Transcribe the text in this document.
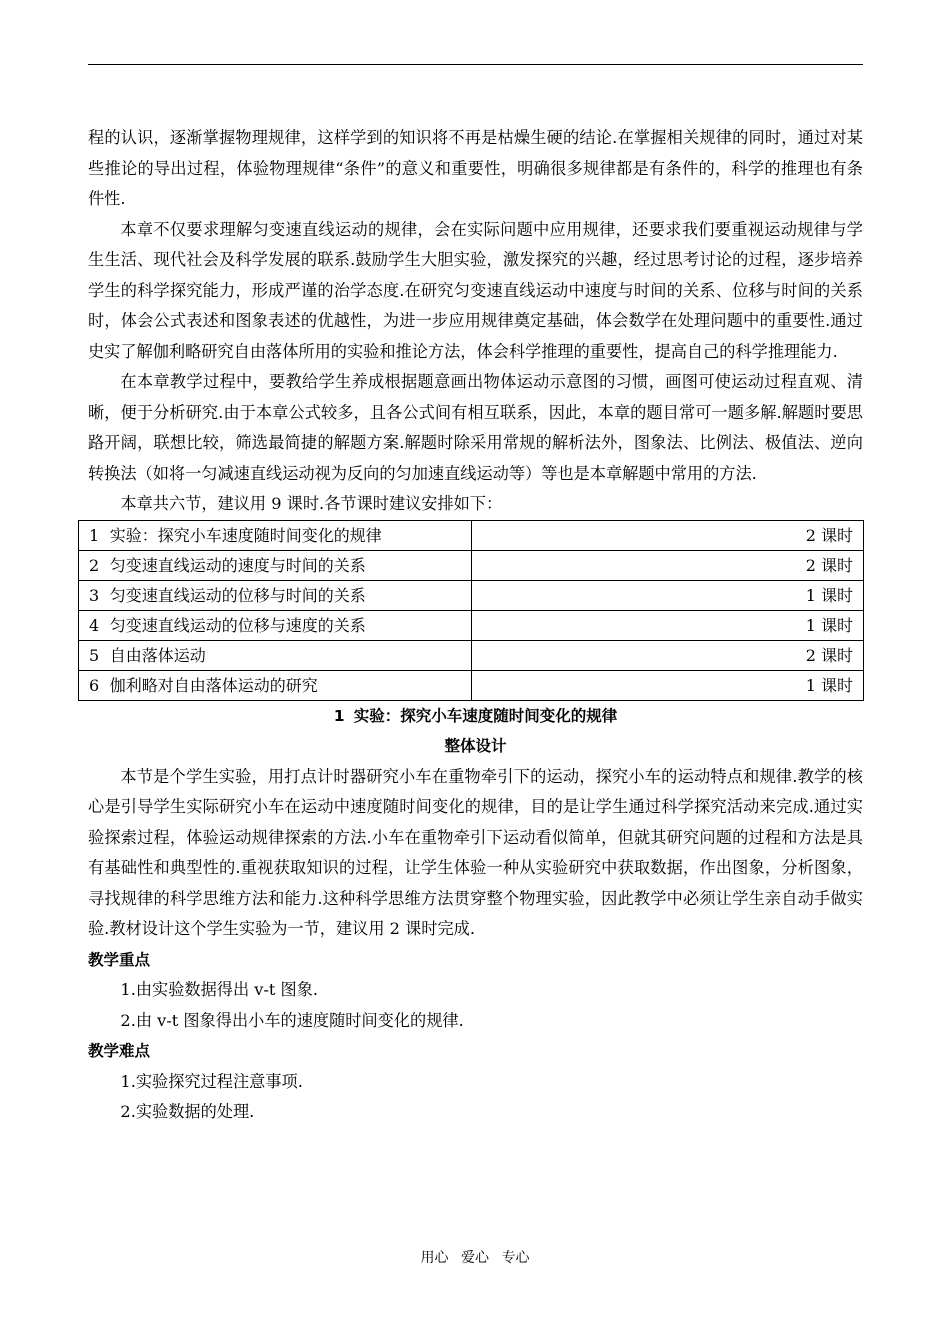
程的认识，逐渐掌握物理规律，这样学到的知识将不再是枯燥生硬的结论.在掌握相关规律的同时，通过对某些推论的导出过程，体验物理规律“条件”的意义和重要性，明确很多规律都是有条件的，科学的推理也有条件性.

本章不仅要求理解匀变速直线运动的规律，会在实际问题中应用规律，还要求我们要重视运动规律与学生生活、现代社会及科学发展的联系.鼓励学生大胆实验，激发探究的兴趣，经过思考讨论的过程，逐步培养学生的科学探究能力，形成严谨的治学态度.在研究匀变速直线运动中速度与时间的关系、位移与时间的关系时，体会公式表述和图象表述的优越性，为进一步应用规律奠定基础，体会数学在处理问题中的重要性.通过史实了解伽利略研究自由落体所用的实验和推论方法，体会科学推理的重要性，提高自己的科学推理能力.

在本章教学过程中，要教给学生养成根据题意画出物体运动示意图的习惯，画图可使运动过程直观、清晰，便于分析研究.由于本章公式较多，且各公式间有相互联系，因此，本章的题目常可一题多解.解题时要思路开阔，联想比较，筛选最简捷的解题方案.解题时除采用常规的解析法外，图象法、比例法、极值法、逆向转换法（如将一匀减速直线运动视为反向的匀加速直线运动等）等也是本章解题中常用的方法.

本章共六节，建议用 9 课时.各节课时建议安排如下：

1 实验：探究小车速度随时间变化的规律	2 课时
2 匀变速直线运动的速度与时间的关系	2 课时
3 匀变速直线运动的位移与时间的关系	1 课时
4 匀变速直线运动的位移与速度的关系	1 课时
5 自由落体运动	2 课时
6 伽利略对自由落体运动的研究	1 课时

1 实验：探究小车速度随时间变化的规律

整体设计

本节是个学生实验，用打点计时器研究小车在重物牵引下的运动，探究小车的运动特点和规律.教学的核心是引导学生实际研究小车在运动中速度随时间变化的规律，目的是让学生通过科学探究活动来完成.通过实验探索过程，体验运动规律探索的方法.小车在重物牵引下运动看似简单，但就其研究问题的过程和方法是具有基础性和典型性的.重视获取知识的过程，让学生体验一种从实验研究中获取数据，作出图象，分析图象，寻找规律的科学思维方法和能力.这种科学思维方法贯穿整个物理实验，因此教学中必须让学生亲自动手做实验.教材设计这个学生实验为一节，建议用 2 课时完成.

教学重点

1.由实验数据得出 v-t 图象.

2.由 v-t 图象得出小车的速度随时间变化的规律.

教学难点

1.实验探究过程注意事项.

2.实验数据的处理.

用心 爱心 专心
